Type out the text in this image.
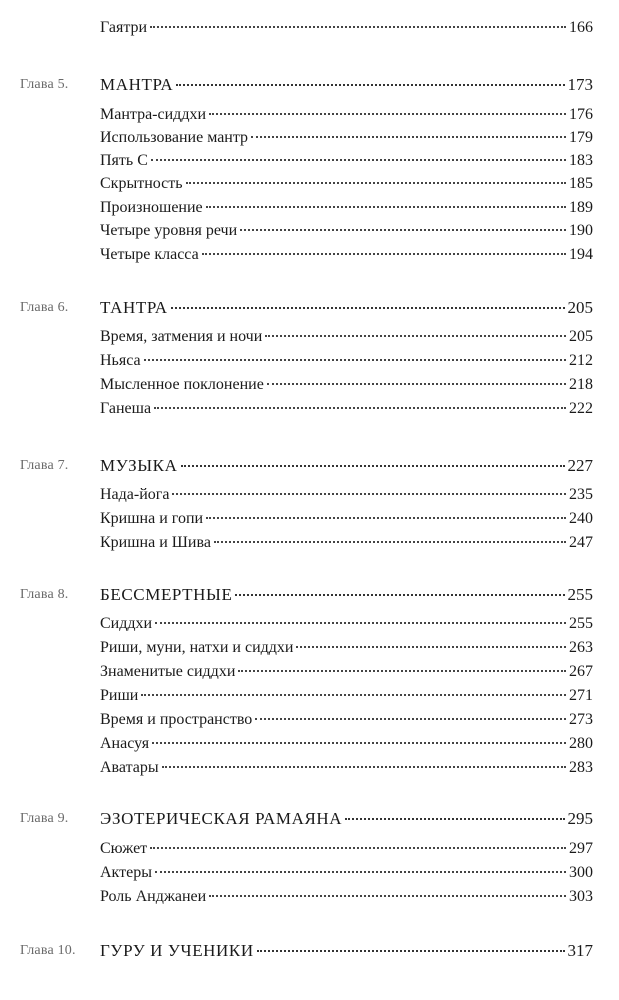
Гаятри	166
Глава 5. МАНТРА	173
Мантра-сиддхи	176
Использование мантр	179
Пять С	183
Скрытность	185
Произношение	189
Четыре уровня речи	190
Четыре класса	194
Глава 6. ТАНТРА	205
Время, затмения и ночи	205
Ньяса	212
Мысленное поклонение	218
Ганеша	222
Глава 7. МУЗЫКА	227
Нада-йога	235
Кришна и гопи	240
Кришна и Шива	247
Глава 8. БЕССМЕРТНЫЕ	255
Сиддхи	255
Риши, муни, натхи и сиддхи	263
Знаменитые сиддхи	267
Риши	271
Время и пространство	273
Анасуя	280
Аватары	283
Глава 9. ЭЗОТЕРИЧЕСКАЯ РАМАЯНА	295
Сюжет	297
Актеры	300
Роль Анджанеи	303
Глава 10. ГУРУ И УЧЕНИКИ	317
